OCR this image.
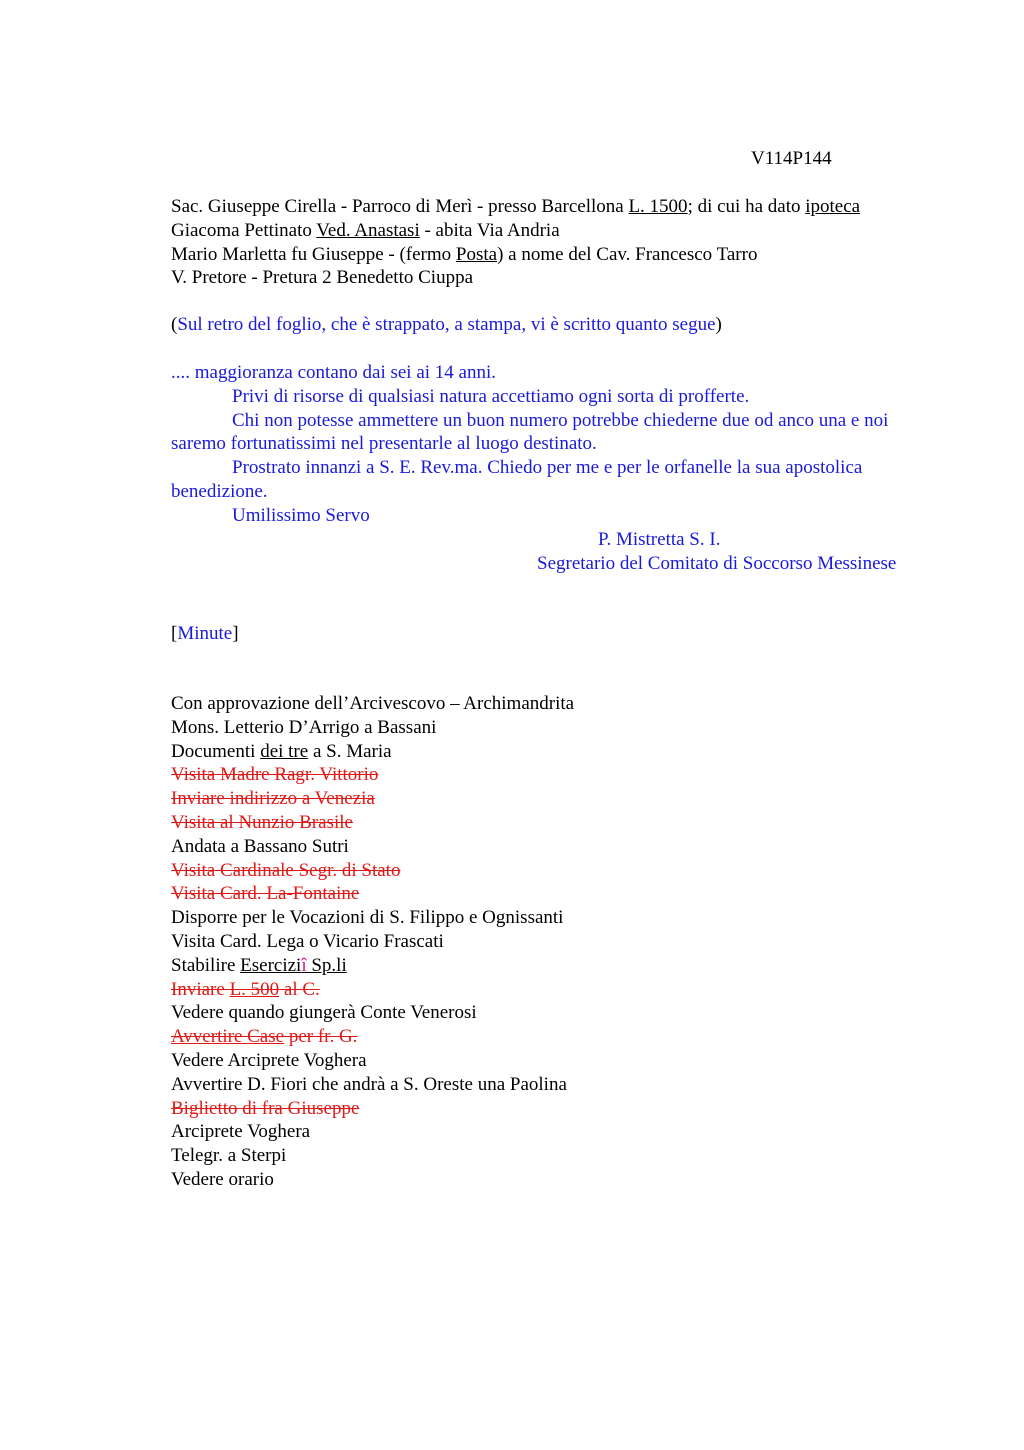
V114P144
Sac. Giuseppe Cirella - Parroco di Merì - presso Barcellona L. 1500; di cui ha dato ipoteca
Giacoma Pettinato Ved. Anastasi - abita Via Andria
Mario Marletta fu Giuseppe - (fermo Posta) a nome del Cav. Francesco Tarro
V. Pretore - Pretura 2 Benedetto Ciuppa
(Sul retro del foglio, che è strappato, a stampa, vi è scritto quanto segue)
.... maggioranza contano dai sei ai 14 anni.
Privi di risorse di qualsiasi natura accettiamo ogni sorta di profferte.
Chi non potesse ammettere un buon numero potrebbe chiederne due od anco una e noi saremo fortunatissimi nel presentarle al luogo destinato.
Prostrato innanzi a S. E. Rev.ma. Chiedo per me e per le orfanelle la sua apostolica benedizione.
Umilissimo Servo
P. Mistretta S. I.
Segretario del Comitato di Soccorso Messinese
[Minute]
Con approvazione dell’Arcivescovo – Archimandrita
Mons. Letterio D’Arrigo a Bassani
Documenti dei tre a S. Maria
Visita Madre Ragr. Vittorio
Inviare indirizzo a Venezia
Visita al Nunzio Brasile
Andata a Bassano Sutri
Visita Cardinale Segr. di Stato
Visita Card. La-Fontaine
Disporre per le Vocazioni di S. Filippo e Ognissanti
Visita Card. Lega o Vicario Frascati
Stabilire Eserciziî Sp.li
Inviare L. 500 al C.
Vedere quando giungerà Conte Venerosi
Avvertire Case per fr. G.
Vedere Arciprete Voghera
Avvertire D. Fiori che andrà a S. Oreste una Paolina
Biglietto di fra Giuseppe
Arciprete Voghera
Telegr. a Sterpi
Vedere orario
